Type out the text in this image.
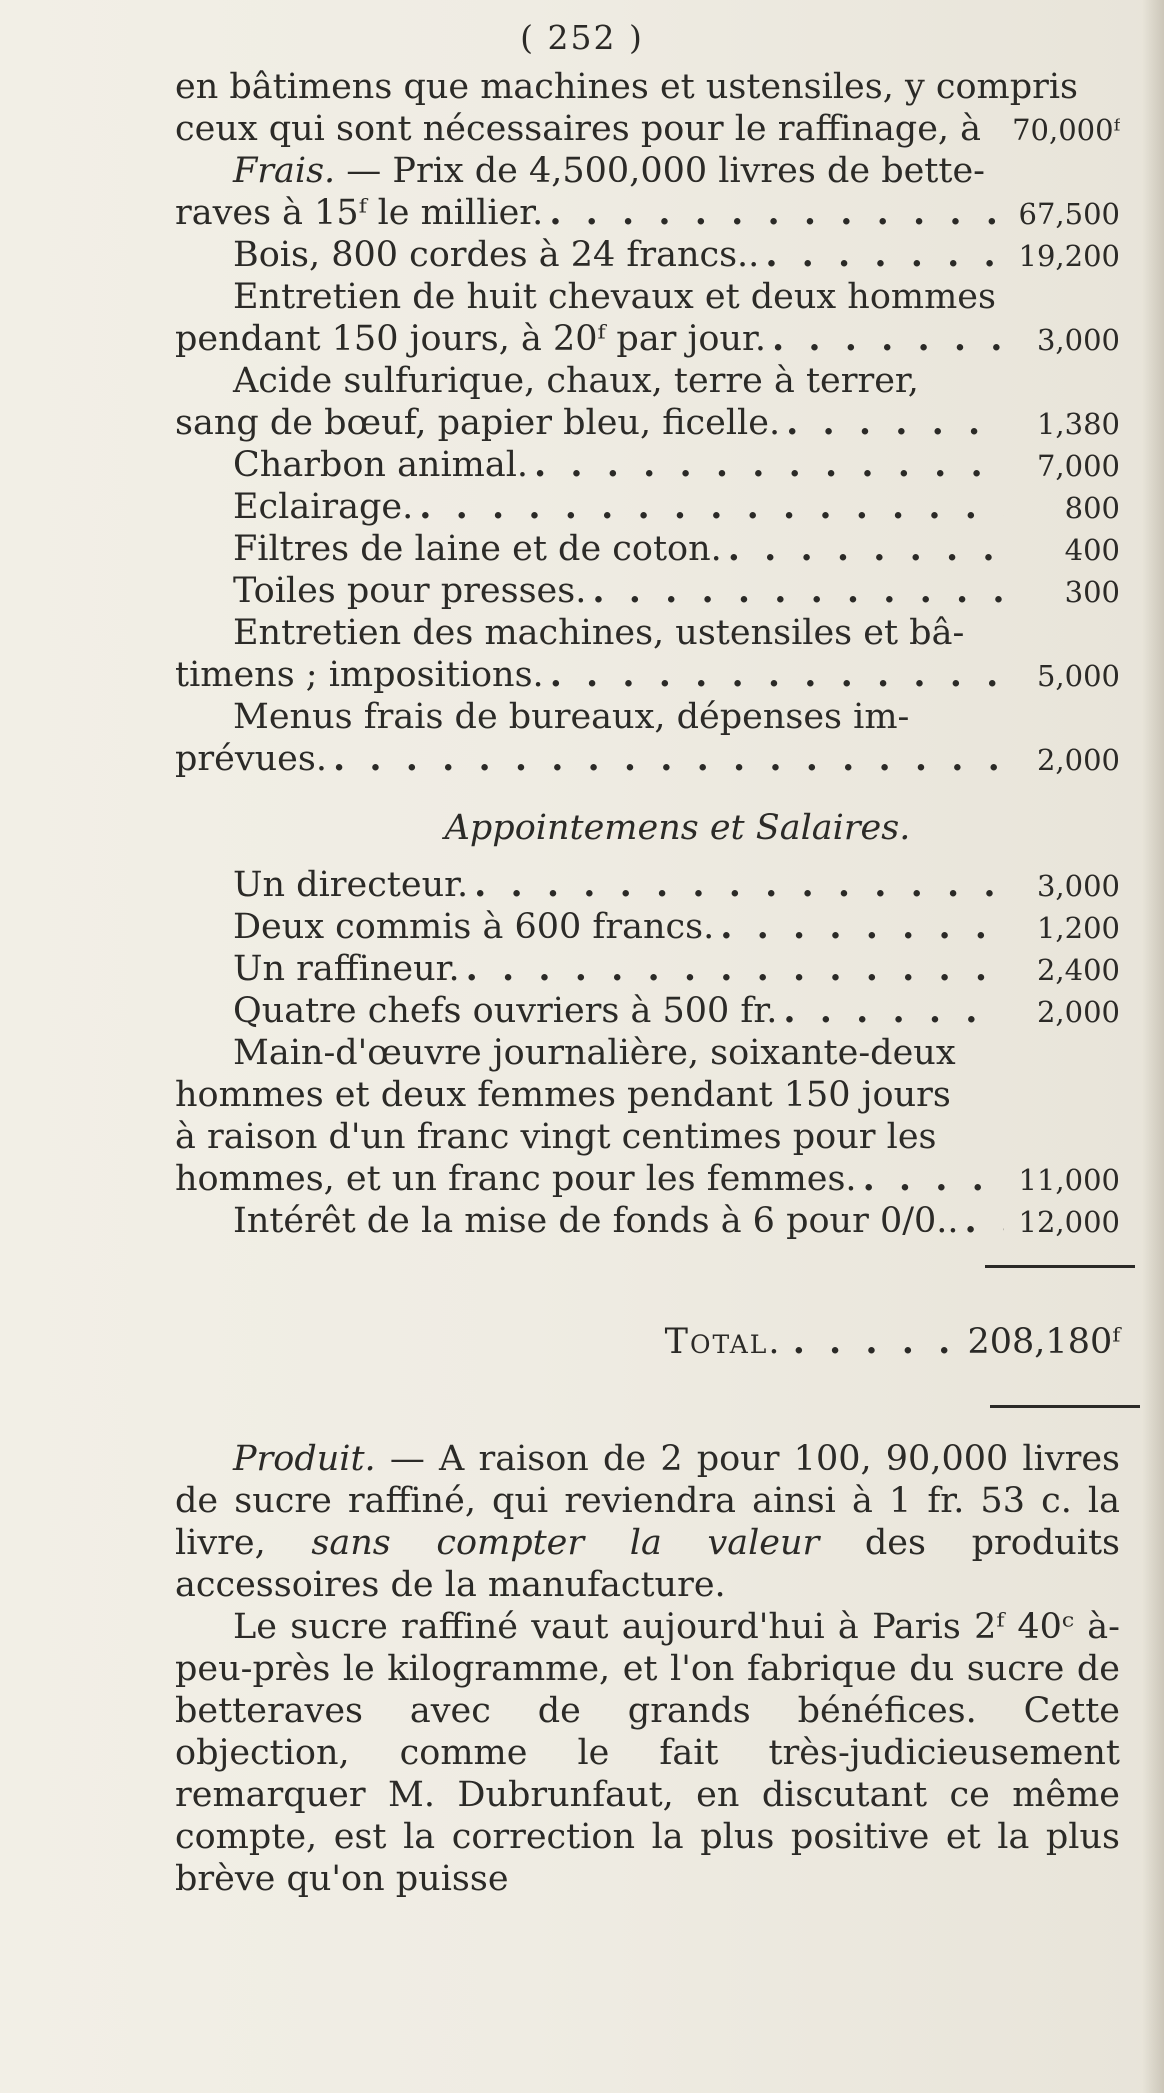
( 252 )
en bâtimens que machines et ustensiles, y compris
ceux qui sont nécessaires pour le raffinage, à	70,000ᶠ
Frais. — Prix de 4,500,000 livres de bette-
raves à 15ᶠ le millier. . . .	67,500
Bois, 800 cordes à 24 francs.. . . .	19,200
Entretien de huit chevaux et deux hommes
pendant 150 jours, à 20ᶠ par jour. . . .	3,000
Acide sulfurique, chaux, terre à terrer,
sang de bœuf, papier bleu, ficelle. . . .	1,380
Charbon animal. . . .	7,000
Eclairage. . . .	800
Filtres de laine et de coton. . . .	400
Toiles pour presses. . . .	300
Entretien des machines, ustensiles et bâ-
timens ; impositions. . . .	5,000
Menus frais de bureaux, dépenses im-
prévues. . . .	2,000
Appointemens et Salaires.
Un directeur. . . .	3,000
Deux commis à 600 francs. . . .	1,200
Un raffineur. . . .	2,400
Quatre chefs ouvriers à 500 fr. . . .	2,000
Main-d'œuvre journalière, soixante-deux
hommes et deux femmes pendant 150 jours
à raison d'un franc vingt centimes pour les
hommes, et un franc pour les femmes. . . .	11,000
Intérêt de la mise de fonds à 6 pour 0/0.. . . . 12,000
Total. . . . . . 208,180ᶠ

Produit. — A raison de 2 pour 100, 90,000 livres de sucre raffiné, qui reviendra ainsi à 1 fr. 53 c. la livre, sans compter la valeur des produits accessoires de la manufacture.

Le sucre raffiné vaut aujourd'hui à Paris 2ᶠ 40ᶜ à-peu-près le kilogramme, et l'on fabrique du sucre de betteraves avec de grands bénéfices. Cette objection, comme le fait très-judicieusement remarquer M. Dubrunfaut, en discutant ce même compte, est la correction la plus positive et la plus brève qu'on puisse
